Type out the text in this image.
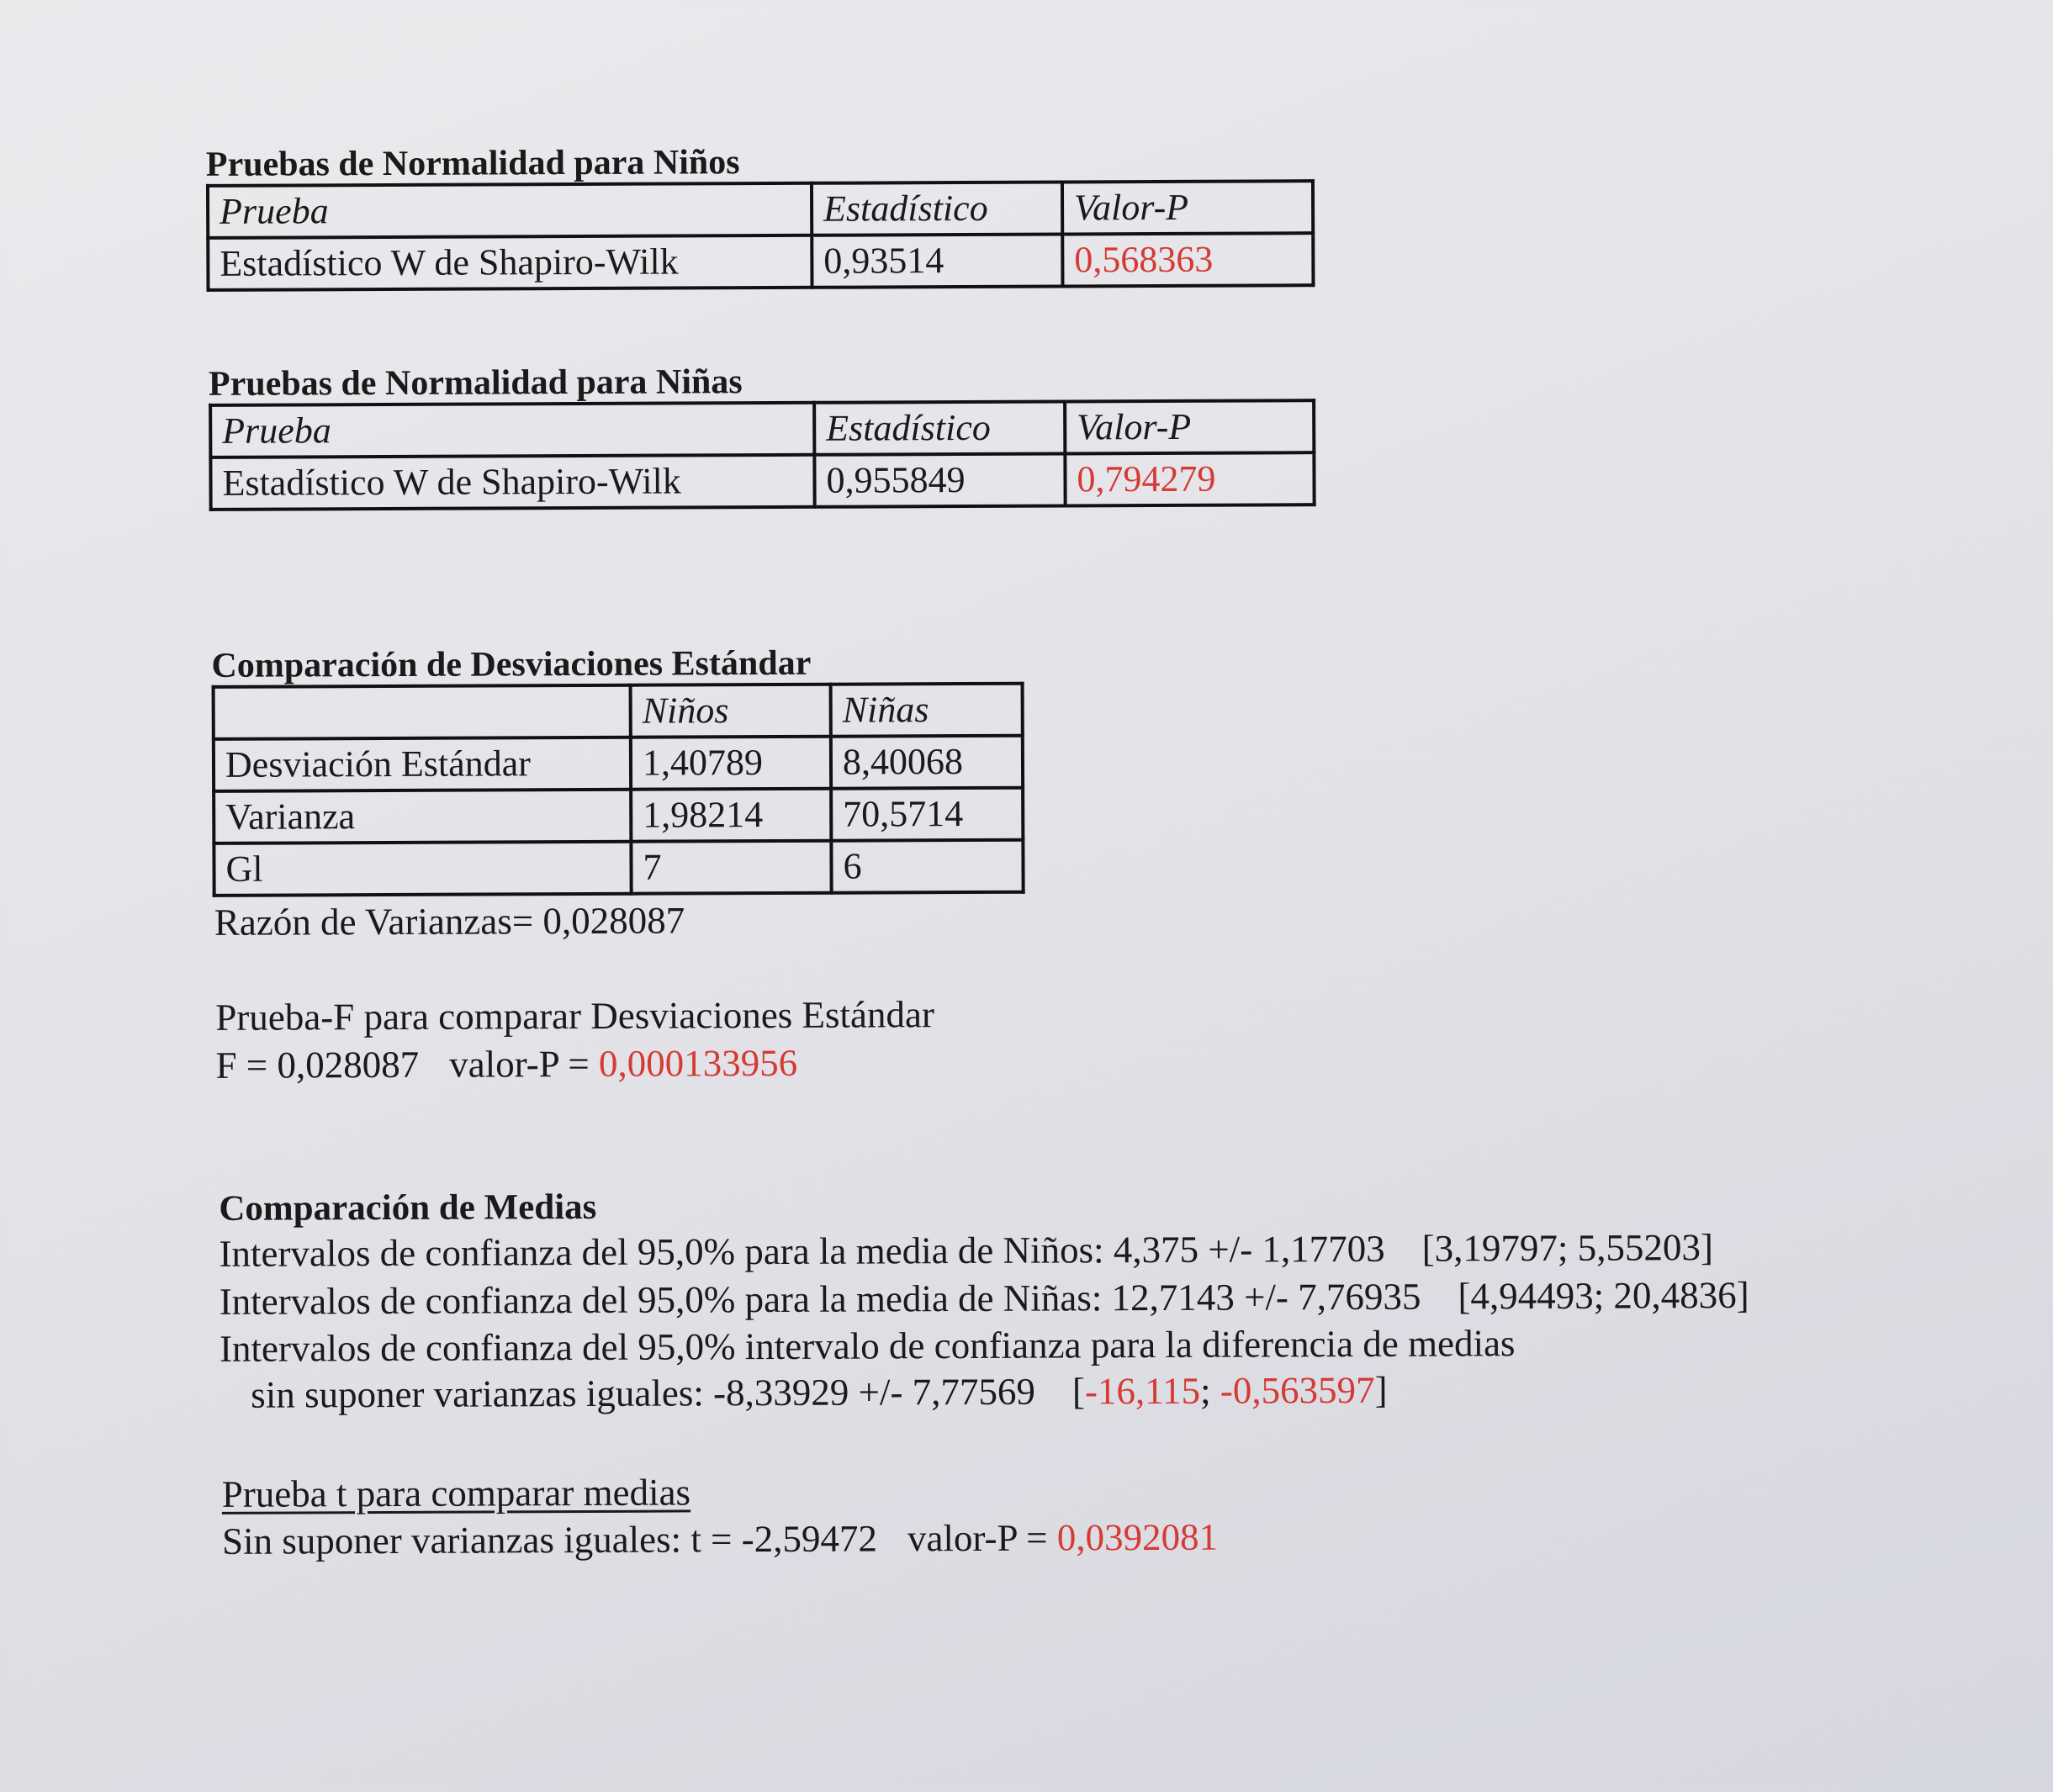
Pruebas de Normalidad para Niños
Prueba	Estadístico	Valor-P
Estadístico W de Shapiro-Wilk	0,93514	0,568363
Pruebas de Normalidad para Niñas
Prueba	Estadístico	Valor-P
Estadístico W de Shapiro-Wilk	0,955849	0,794279
Comparación de Desviaciones Estándar
	Niños	Niñas
Desviación Estándar	1,40789	8,40068
Varianza	1,98214	70,5714
Gl	7	6
Razón de Varianzas= 0,028087
Prueba-F para comparar Desviaciones Estándar
F = 0,028087 valor-P = 0,000133956
Comparación de Medias
Intervalos de confianza del 95,0% para la media de Niños: 4,375 +/- 1,17703 [3,19797; 5,55203]
Intervalos de confianza del 95,0% para la media de Niñas: 12,7143 +/- 7,76935 [4,94493; 20,4836]
Intervalos de confianza del 95,0% intervalo de confianza para la diferencia de medias
sin suponer varianzas iguales: -8,33929 +/- 7,77569 [-16,115; -0,563597]
Prueba t para comparar medias
Sin suponer varianzas iguales: t = -2,59472 valor-P = 0,0392081
